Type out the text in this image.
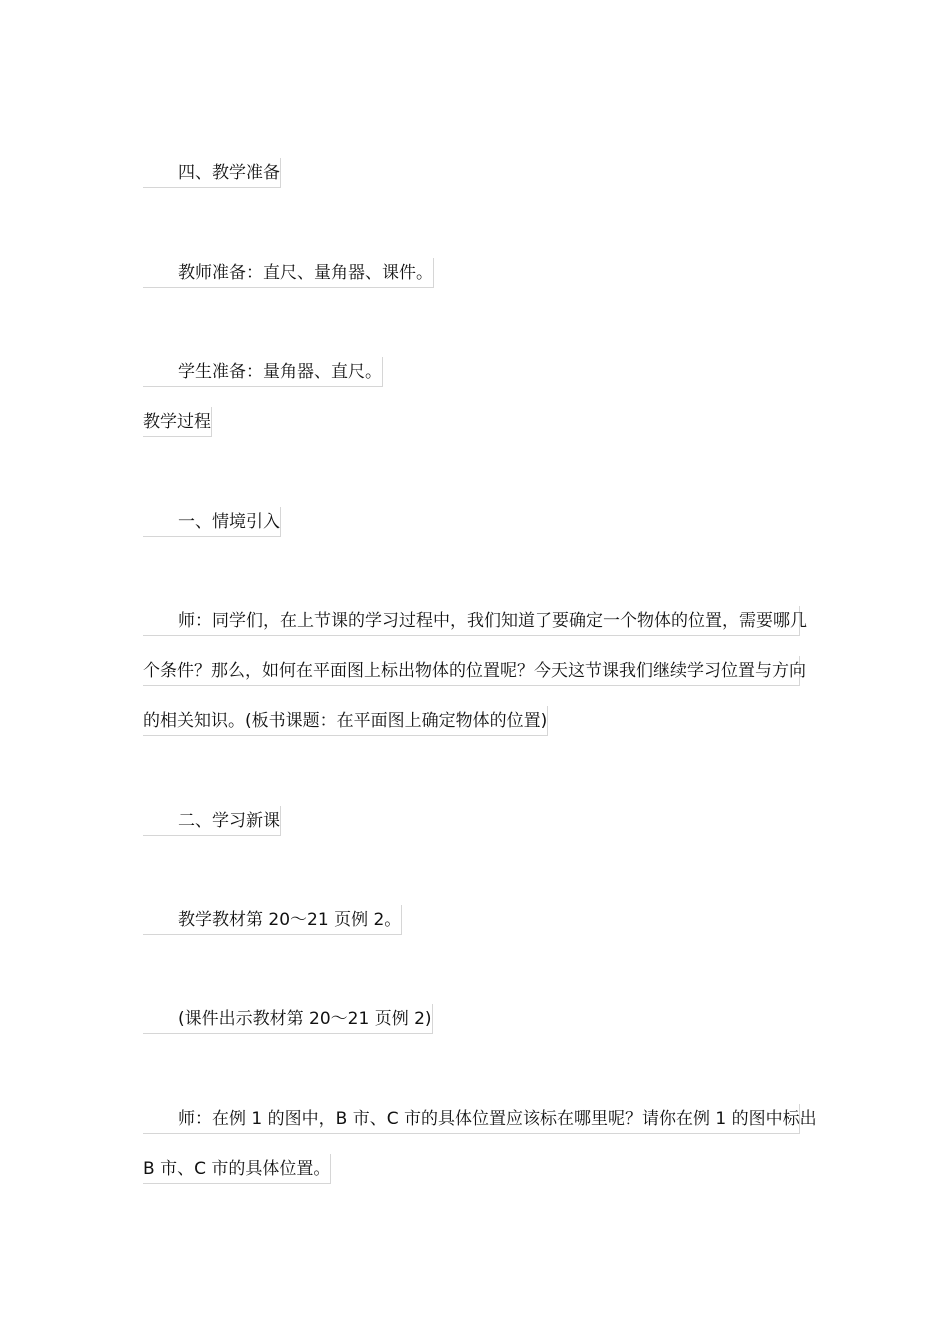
四、教学准备
教师准备：直尺、量角器、课件。
学生准备：量角器、直尺。
教学过程
一、情境引入
师：同学们，在上节课的学习过程中，我们知道了要确定一个物体的位置，需要哪几
个条件？那么，如何在平面图上标出物体的位置呢？今天这节课我们继续学习位置与方向
的相关知识。(板书课题：在平面图上确定物体的位置)
二、学习新课
教学教材第 20～21 页例 2。
(课件出示教材第 20～21 页例 2)
师：在例 1 的图中，B 市、C 市的具体位置应该标在哪里呢？请你在例 1 的图中标出
B 市、C 市的具体位置。
